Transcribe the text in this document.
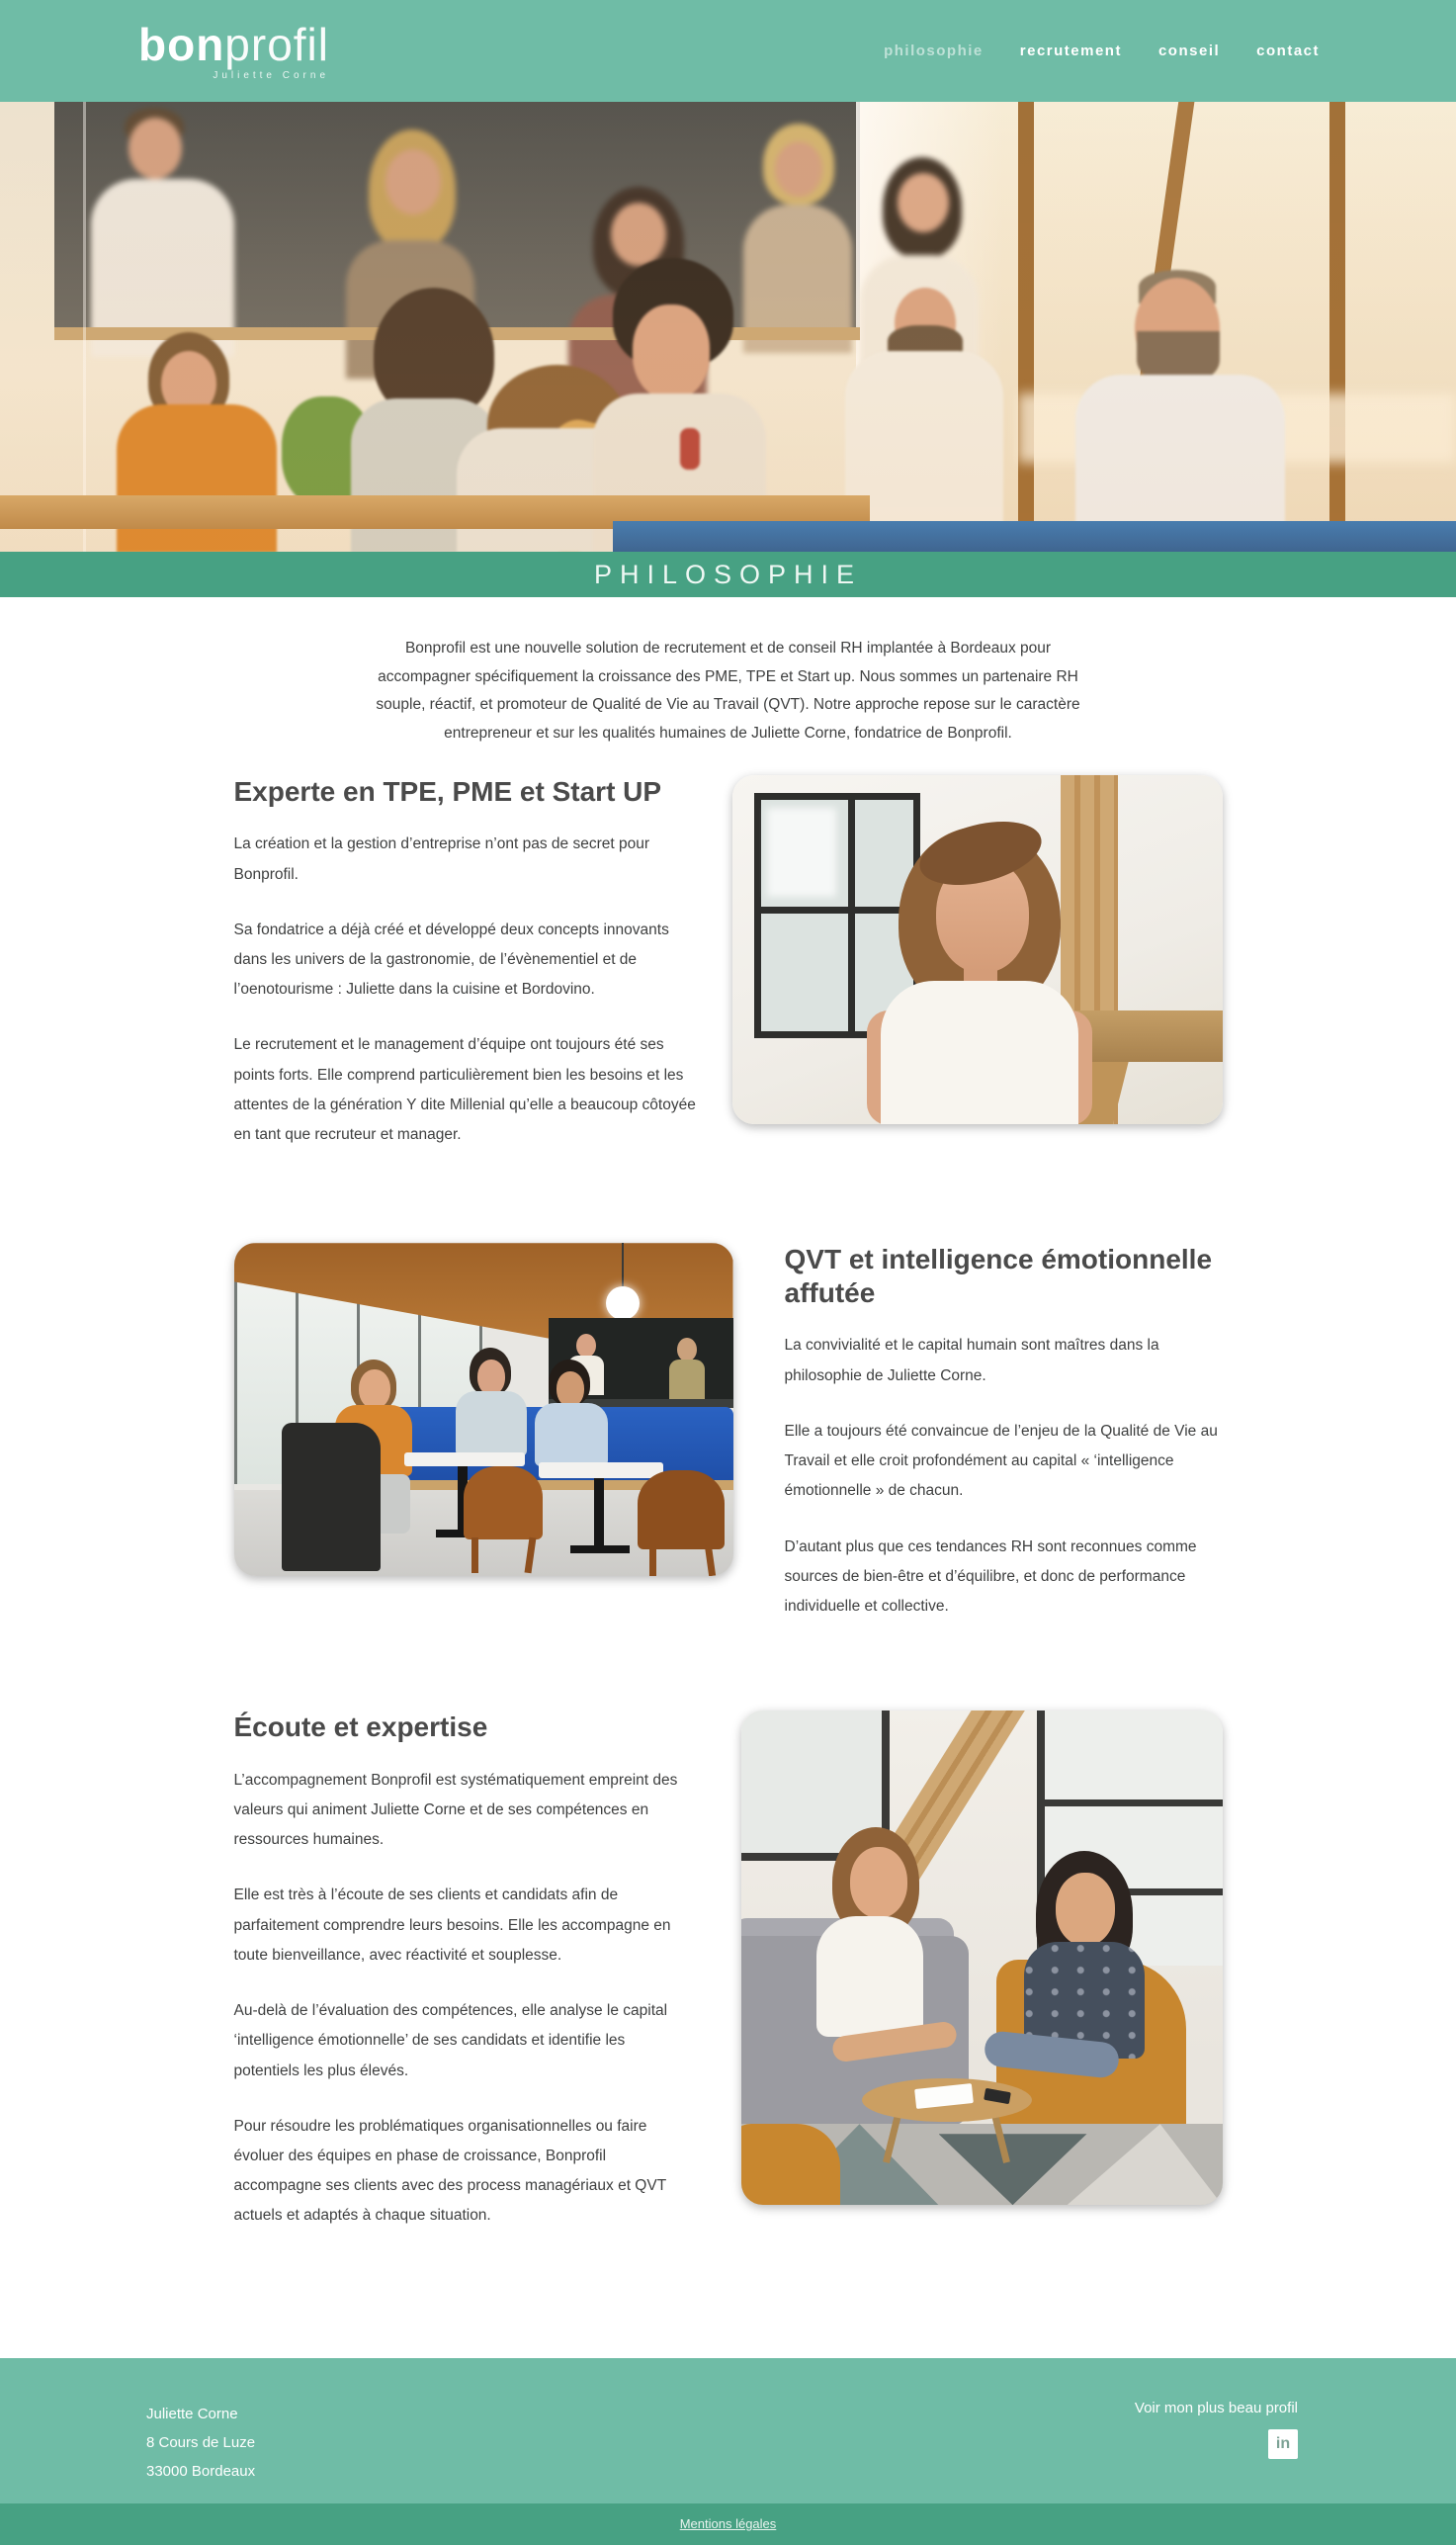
bonprofil
Juliette Corne
philosophie recrutement conseil contact
PHILOSOPHIE

Bonprofil est une nouvelle solution de recrutement et de conseil RH implantée à Bordeaux pour accompagner spécifiquement la croissance des PME, TPE et Start up. Nous sommes un partenaire RH souple, réactif, et promoteur de Qualité de Vie au Travail (QVT). Notre approche repose sur le caractère entrepreneur et sur les qualités humaines de Juliette Corne, fondatrice de Bonprofil.

Experte en TPE, PME et Start UP

La création et la gestion d’entreprise n’ont pas de secret pour Bonprofil.

Sa fondatrice a déjà créé et développé deux concepts innovants dans les univers de la gastronomie, de l’évènementiel et de l’oenotourisme : Juliette dans la cuisine et Bordovino.

Le recrutement et le management d’équipe ont toujours été ses points forts. Elle comprend particulièrement bien les besoins et les attentes de la génération Y dite Millenial qu’elle a beaucoup côtoyée en tant que recruteur et manager.

QVT et intelligence émotionnelle affutée

La convivialité et le capital humain sont maîtres dans la philosophie de Juliette Corne.

Elle a toujours été convaincue de l’enjeu de la Qualité de Vie au Travail et elle croit profondément au capital « ‘intelligence émotionnelle » de chacun.

D’autant plus que ces tendances RH sont reconnues comme sources de bien-être et d’équilibre, et donc de performance individuelle et collective.

Écoute et expertise

L’accompagnement Bonprofil est systématiquement empreint des valeurs qui animent Juliette Corne et de ses compétences en ressources humaines.

Elle est très à l’écoute de ses clients et candidats afin de parfaitement comprendre leurs besoins. Elle les accompagne en toute bienveillance, avec réactivité et souplesse.

Au-delà de l’évaluation des compétences, elle analyse le capital ‘intelligence émotionnelle’ de ses candidats et identifie les potentiels les plus élevés.

Pour résoudre les problématiques organisationnelles ou faire évoluer des équipes en phase de croissance, Bonprofil accompagne ses clients avec des process managériaux et QVT actuels et adaptés à chaque situation.

Juliette Corne

8 Cours de Luze

33000 Bordeaux

Voir mon plus beau profil
in
Mentions légales
